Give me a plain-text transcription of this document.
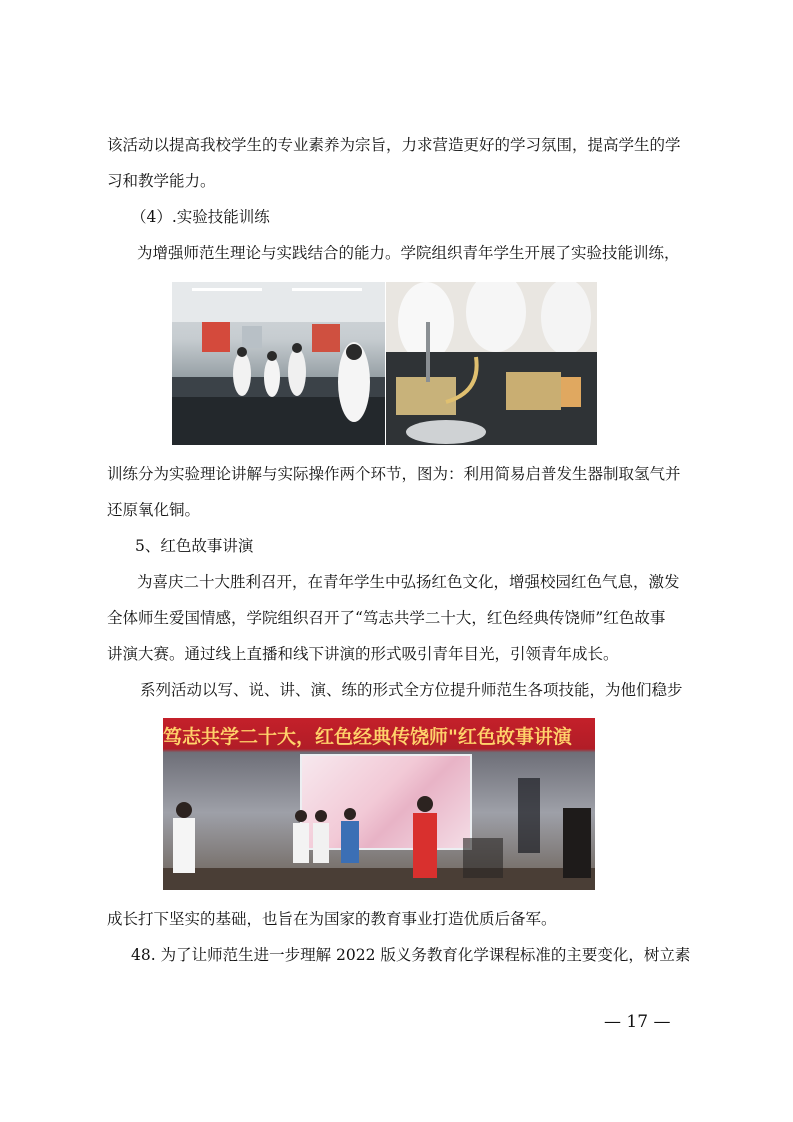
该活动以提高我校学生的专业素养为宗旨，力求营造更好的学习氛围，提高学生的学

习和教学能力。

（4）.实验技能训练

为增强师范生理论与实践结合的能力。学院组织青年学生开展了实验技能训练，

训练分为实验理论讲解与实际操作两个环节，图为：利用简易启普发生器制取氢气并

还原氧化铜。

5、红色故事讲演

为喜庆二十大胜利召开，在青年学生中弘扬红色文化，增强校园红色气息，激发

全体师生爱国情感，学院组织召开了“笃志共学二十大，红色经典传饶师”红色故事

讲演大赛。通过线上直播和线下讲演的形式吸引青年目光，引领青年成长。

系列活动以写、说、讲、演、练的形式全方位提升师范生各项技能，为他们稳步

笃志共学二十大，红色经典传饶师"红色故事讲演

成长打下坚实的基础，也旨在为国家的教育事业打造优质后备军。

48. 为了让师范生进一步理解 2022 版义务教育化学课程标准的主要变化，树立素

— 17 —
